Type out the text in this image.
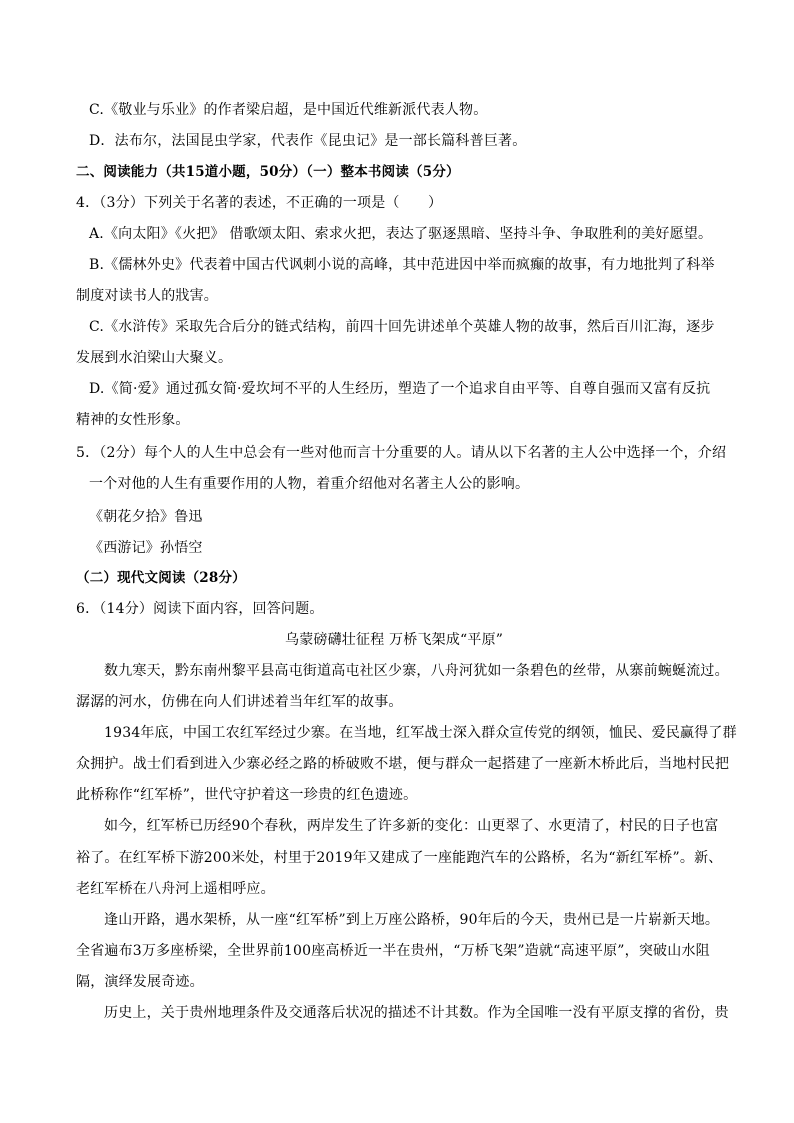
C.《敬业与乐业》的作者梁启超，是中国近代维新派代表人物。
D．法布尔，法国昆虫学家，代表作《昆虫记》是一部长篇科普巨著。
二、阅读能力（共15道小题，50分）（一）整本书阅读（5分）
4．（3分）下列关于名著的表述，不正确的一项是（　　）
A.《向太阳》《火把》 借歌颂太阳、索求火把，表达了驱逐黑暗、坚持斗争、争取胜利的美好愿望。
B.《儒林外史》代表着中国古代讽刺小说的高峰，其中范进因中举而疯癫的故事，有力地批判了科举
制度对读书人的戕害。
C.《水浒传》采取先合后分的链式结构，前四十回先讲述单个英雄人物的故事，然后百川汇海，逐步
发展到水泊梁山大聚义。
D.《简·爱》通过孤女简·爱坎坷不平的人生经历，塑造了一个追求自由平等、自尊自强而又富有反抗
精神的女性形象。
5．（2分）每个人的人生中总会有一些对他而言十分重要的人。请从以下名著的主人公中选择一个，介绍
一个对他的人生有重要作用的人物，着重介绍他对名著主人公的影响。
《朝花夕拾》鲁迅
《西游记》孙悟空
（二）现代文阅读（28分）
6．（14分）阅读下面内容，回答问题。
乌蒙磅礴壮征程 万桥飞架成“平原”
数九寒天，黔东南州黎平县高屯街道高屯社区少寨，八舟河犹如一条碧色的丝带，从寨前蜿蜒流过。
潺潺的河水，仿佛在向人们讲述着当年红军的故事。
1934年底，中国工农红军经过少寨。在当地，红军战士深入群众宣传党的纲领，恤民、爱民赢得了群
众拥护。战士们看到进入少寨必经之路的桥破败不堪，便与群众一起搭建了一座新木桥此后，当地村民把
此桥称作“红军桥”，世代守护着这一珍贵的红色遗迹。
如今，红军桥已历经90个春秋，两岸发生了许多新的变化：山更翠了、水更清了，村民的日子也富
裕了。在红军桥下游200米处，村里于2019年又建成了一座能跑汽车的公路桥，名为“新红军桥”。新、
老红军桥在八舟河上遥相呼应。
逢山开路，遇水架桥，从一座“红军桥”到上万座公路桥，90年后的今天，贵州已是一片崭新天地。
全省遍布3万多座桥梁，全世界前100座高桥近一半在贵州，“万桥飞架”造就“高速平原”，突破山水阻
隔，演绎发展奇迹。
历史上，关于贵州地理条件及交通落后状况的描述不计其数。作为全国唯一没有平原支撑的省份，贵
